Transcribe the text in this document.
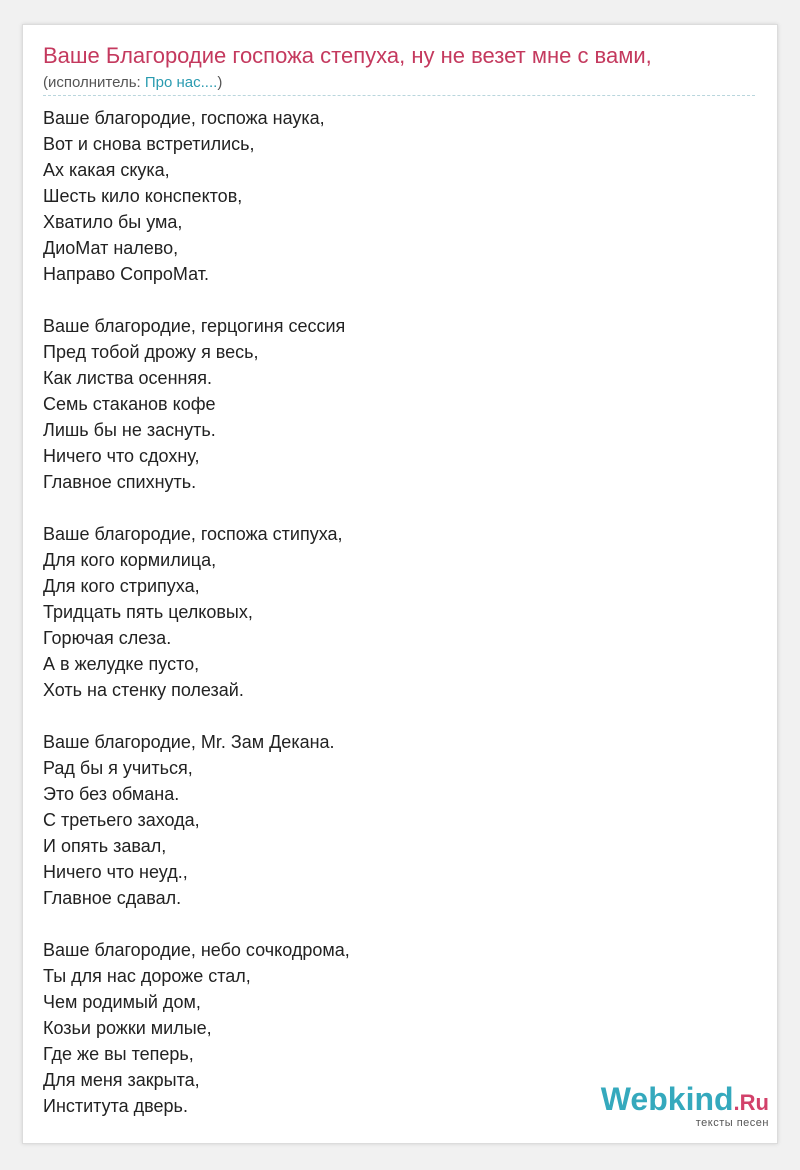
Ваше Благородие госпожа степуха, ну не везет мне с вами,
(исполнитель: Про нас....)
Ваше благородие, госпожа наука,
Вот и снова встретились,
Ах какая скука,
Шесть кило конспектов,
Хватило бы ума,
ДиоМат налево,
Направо СопроМат.
Ваше благородие, герцогиня сессия
Пред тобой дрожу я весь,
Как листва осенняя.
Семь стаканов кофе
Лишь бы не заснуть.
Ничего что сдохну,
Главное спихнуть.
Ваше благородие, госпожа стипуха,
Для кого кормилица,
Для кого стрипуха,
Тридцать пять целковых,
Горючая слеза.
А в желудке пусто,
Хоть на стенку полезай.
Ваше благородие, Mr. Зам Декана.
Рад бы я учиться,
Это без обмана.
С третьего захода,
И опять завал,
Ничего что неуд.,
Главное сдавал.
Ваше благородие, небо сочкодрома,
Ты для нас дороже стал,
Чем родимый дом,
Козьи рожки милые,
Где же вы теперь,
Для меня закрыта,
Института дверь.	Webkind.Ru
тексты песен
